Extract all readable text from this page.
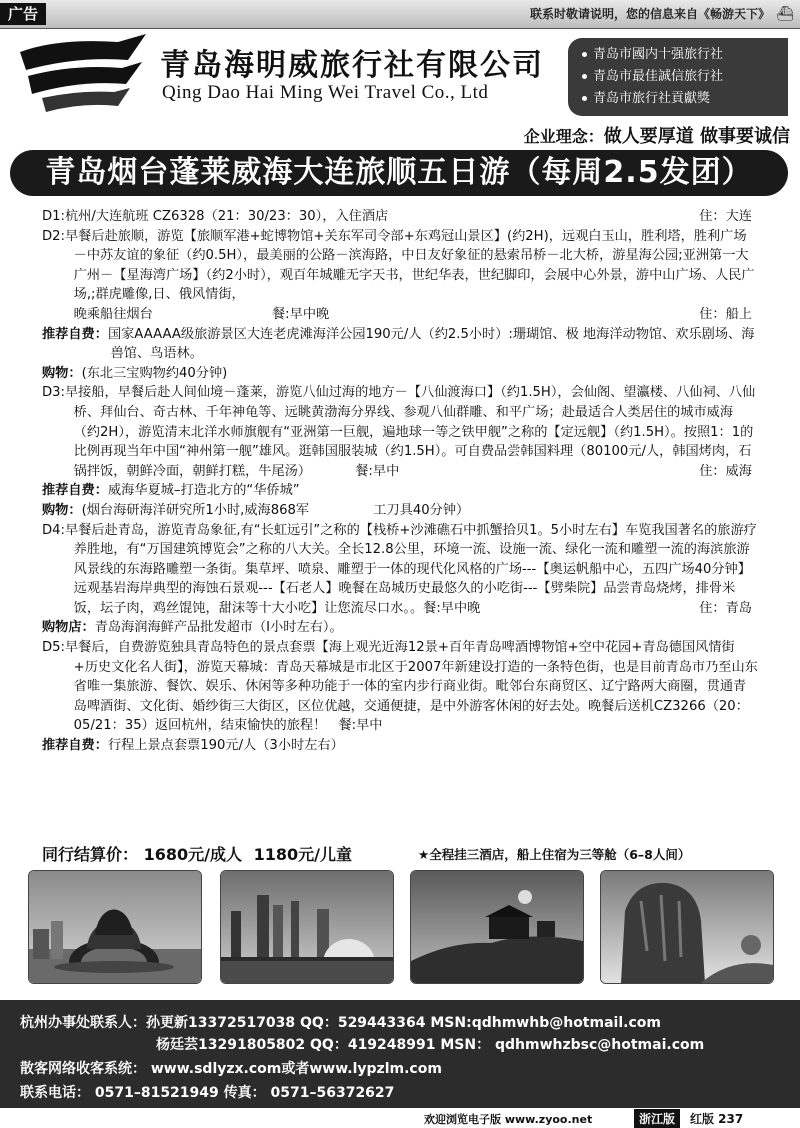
广告	联系时敬请说明，您的信息来自《畅游天下》 ⛴
青岛海明威旅行社有限公司
Qing Dao Hai Ming Wei Travel Co., Ltd
青岛市國内十强旅行社
青岛市最佳誠信旅行社
青岛市旅行社貢獻獎
企业理念：做人要厚道 做事要诚信
青岛烟台蓬莱威海大连旅顺五日游（每周2.5发团）
D1:杭州/大连航班 CZ6328（21：30/23：30），入住酒店	住：大连
D2:早餐后赴旅顺，游览【旅顺军港+蛇博物馆+关东军司令部+东鸡冠山景区】(约2H)，远观白玉山，胜利塔，胜利广场－中苏友谊的象征（约0.5H），最美丽的公路－滨海路，中日友好象征的悬索吊桥－北大桥，游星海公园;亚洲第一大广州－【星海湾广场】（约2小时），观百年城雕无字天书，世纪华表，世纪脚印，会展中心外景，游中山广场、人民广场,;群虎雕像,日、俄风情街，
晚乘船往烟台	餐:早中晚	住：船上
推荐自费：国家AAAAA级旅游景区大连老虎滩海洋公园190元/人（约2.5小时）:珊瑚馆、极 地海洋动物馆、欢乐剧场、海兽馆、鸟语林。
购物：(东北三宝购物约40分钟)
D3:早接船，早餐后赴人间仙境－蓬莱，游览八仙过海的地方－【八仙渡海口】（约1.5H），会仙阁、望瀛楼、八仙祠、八仙桥、拜仙台、奇古林、千年神龟等、远眺黄渤海分界线、参观八仙群雕、和平广场；赴最适合人类居住的城市威海（约2H），游览清末北洋水师旗舰有“亚洲第一巨舰，遍地球一等之铁甲舰”之称的【定远舰】（约1.5H）。按照1：1的比例再现当年中国“神州第一舰”雄风。逛韩国服装城（约1.5H）。可自费品尝韩国料理（80100元/人，韩国烤肉，石锅拌饭，朝鲜冷面，朝鲜打糕，牛尾汤）	餐:早中	住：威海
推荐自费：威海华夏城–打造北方的“华侨城”
购物：(烟台海研海洋研究所1小时,威海868军	工刀具40分钟）
D4:早餐后赴青岛，游览青岛象征,有“长虹远引”之称的【栈桥+沙滩礁石中抓蟹拾贝1。5小时左右】车览我国著名的旅游疗养胜地，有“万国建筑博览会”之称的八大关。全长12.8公里，环境一流、设施一流、绿化一流和雕塑一流的海滨旅游风景线的东海路雕塑一条街。集草坪、喷泉、雕塑于一体的现代化风格的广场---【奥运帆船中心，五四广场40分钟】远观基岩海岸典型的海蚀石景观---【石老人】晚餐在岛城历史最悠久的小吃街---【劈柴院】品尝青岛烧烤，排骨米饭，坛子肉，鸡丝馄饨，甜沫等十大小吃】让您流尽口水。。餐:早中晚	住：青岛
购物店：青岛海润海鲜产品批发超市（I小时左右）。
D5:早餐后，自费游览独具青岛特色的景点套票【海上观光近海12景+百年青岛啤酒博物馆+空中花园+青岛德国风情街+历史文化名人街】，游览天幕城：青岛天幕城是市北区于2007年新建设打造的一条特色街，也是目前青岛市乃至山东省唯一集旅游、餐饮、娱乐、休闲等多种功能于一体的室内步行商业街。毗邻台东商贸区、辽宁路两大商圈，贯通青岛啤酒街、文化街、婚纱街三大街区，区位优越，交通便捷，是中外游客休闲的好去处。晚餐后送机CZ3266（20：05/21：35）返回杭州，结束愉快的旅程！ 餐:早中
推荐自费：行程上景点套票190元/人（3小时左右）
同行结算价： 1680元/成人 1180元/儿童	★全程挂三酒店，船上住宿为三等舱（6–8人间）
杭州办事处联系人：孙更新13372517038 QQ：529443364 MSN:qdhmwhb@hotmail.com
杨廷芸13291805802 QQ：419248991 MSN： qdhmwhzbsc@hotmai.com
散客网络收客系统： www.sdlyzx.com或者www.lypzlm.com
联系电话： 0571–81521949 传真： 0571–56372627
欢迎浏览电子版 www.zyoo.net	浙江版	红版 237
